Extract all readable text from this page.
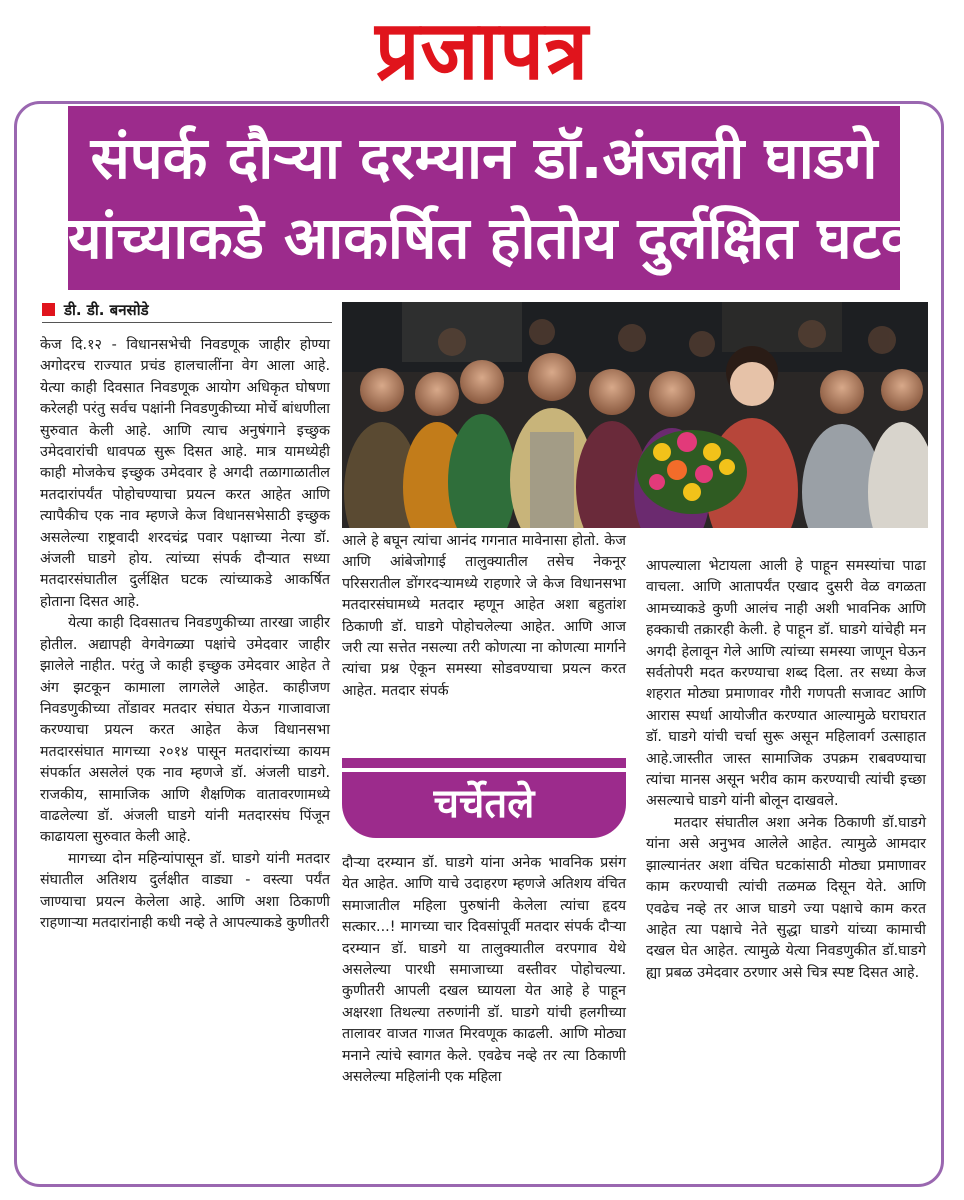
प्रजापत्र
संपर्क दौऱ्या दरम्यान डॉ.अंजली घाडगे
यांच्याकडे आकर्षित होतोय दुर्लक्षित घटक
डी. डी. बनसोडे

केज दि.१२ - विधानसभेची निवडणूक जाहीर होण्या अगोदरच राज्यात प्रचंड हालचालींना वेग आला आहे. येत्या काही दिवसात निवडणूक आयोग अधिकृत घोषणा करेलही परंतु सर्वच पक्षांनी निवडणुकीच्या मोर्चे बांधणीला सुरुवात केली आहे. आणि त्याच अनुषंगाने इच्छुक उमेदवारांची धावपळ सुरू दिसत आहे. मात्र यामध्येही काही मोजकेच इच्छुक उमेदवार हे अगदी तळागाळातील मतदारांपर्यंत पोहोचण्याचा प्रयत्न करत आहेत आणि त्यापैकीच एक नाव म्हणजे केज विधानसभेसाठी इच्छुक असलेल्या राष्ट्रवादी शरदचंद्र पवार पक्षाच्या नेत्या डॉ. अंजली घाडगे होय. त्यांच्या संपर्क दौऱ्यात सध्या मतदारसंघातील दुर्लक्षित घटक त्यांच्याकडे आकर्षित होताना दिसत आहे.

येत्या काही दिवसातच निवडणुकीच्या तारखा जाहीर होतील. अद्यापही वेगवेगळ्या पक्षांचे उमेदवार जाहीर झालेले नाहीत. परंतु जे काही इच्छुक उमेदवार आहेत ते अंग झटकून कामाला लागलेले आहेत. काहीजण निवडणुकीच्या तोंडावर मतदार संघात येऊन गाजावाजा करण्याचा प्रयत्न करत आहेत केज विधानसभा मतदारसंघात मागच्या २०१४ पासून मतदारांच्या कायम संपर्कात असलेलं एक नाव म्हणजे डॉ. अंजली घाडगे. राजकीय, सामाजिक आणि शैक्षणिक वातावरणामध्ये वाढलेल्या डॉ. अंजली घाडगे यांनी मतदारसंघ पिंजून काढायला सुरुवात केली आहे.

मागच्या दोन महिन्यांपासून डॉ. घाडगे यांनी मतदार संघातील अतिशय दुर्लक्षीत वाड्या - वस्त्या पर्यंत जाण्याचा प्रयत्न केलेला आहे. आणि अशा ठिकाणी राहणाऱ्या मतदारांनाही कधी नव्हे ते आपल्याकडे कुणीतरी

आले हे बघून त्यांचा आनंद गगनात मावेनासा होतो. केज आणि आंबेजोगाई तालुक्यातील तसेच नेकनूर परिसरातील डोंगरदऱ्यामध्ये राहणारे जे केज विधानसभा मतदारसंघामध्ये मतदार म्हणून आहेत अशा बहुतांश ठिकाणी डॉ. घाडगे पोहोचलेल्या आहेत. आणि आज जरी त्या सत्तेत नसल्या तरी कोणत्या ना कोणत्या मार्गाने त्यांचा प्रश्न ऐकून समस्या सोडवण्याचा प्रयत्न करत आहेत. मतदार संपर्क

चर्चेतले

दौऱ्या दरम्यान डॉ. घाडगे यांना अनेक भावनिक प्रसंग येत आहेत. आणि याचे उदाहरण म्हणजे अतिशय वंचित समाजातील महिला पुरुषांनी केलेला त्यांचा हृदय सत्कार...! मागच्या चार दिवसांपूर्वी मतदार संपर्क दौऱ्या दरम्यान डॉ. घाडगे या तालुक्यातील वरपगाव येथे असलेल्या पारधी समाजाच्या वस्तीवर पोहोचल्या. कुणीतरी आपली दखल घ्यायला येत आहे हे पाहून अक्षरशा तिथल्या तरुणांनी डॉ. घाडगे यांची हलगीच्या तालावर वाजत गाजत मिरवणूक काढली. आणि मोठ्या मनाने त्यांचे स्वागत केले. एवढेच नव्हे तर त्या ठिकाणी असलेल्या महिलांनी एक महिला

आपल्याला भेटायला आली हे पाहून समस्यांचा पाढा वाचला. आणि आतापर्यंत एखाद दुसरी वेळ वगळता आमच्याकडे कुणी आलंच नाही अशी भावनिक आणि हक्काची तक्रारही केली. हे पाहून डॉ. घाडगे यांचेही मन अगदी हेलावून गेले आणि त्यांच्या समस्या जाणून घेऊन सर्वतोपरी मदत करण्याचा शब्द दिला. तर सध्या केज शहरात मोठ्या प्रमाणावर गौरी गणपती सजावट आणि आरास स्पर्धा आयोजीत करण्यात आल्यामुळे घराघरात डॉ. घाडगे यांची चर्चा सुरू असून महिलावर्ग उत्साहात आहे.जास्तीत जास्त सामाजिक उपक्रम राबवण्याचा त्यांचा मानस असून भरीव काम करण्याची त्यांची इच्छा असल्याचे घाडगे यांनी बोलून दाखवले.

मतदार संघातील अशा अनेक ठिकाणी डॉ.घाडगे यांना असे अनुभव आलेले आहेत. त्यामुळे आमदार झाल्यानंतर अशा वंचित घटकांसाठी मोठ्या प्रमाणावर काम करण्याची त्यांची तळमळ दिसून येते. आणि एवढेच नव्हे तर आज घाडगे ज्या पक्षाचे काम करत आहेत त्या पक्षाचे नेते सुद्धा घाडगे यांच्या कामाची दखल घेत आहेत. त्यामुळे येत्या निवडणुकीत डॉ.घाडगे ह्या प्रबळ उमेदवार ठरणार असे चित्र स्पष्ट दिसत आहे.
